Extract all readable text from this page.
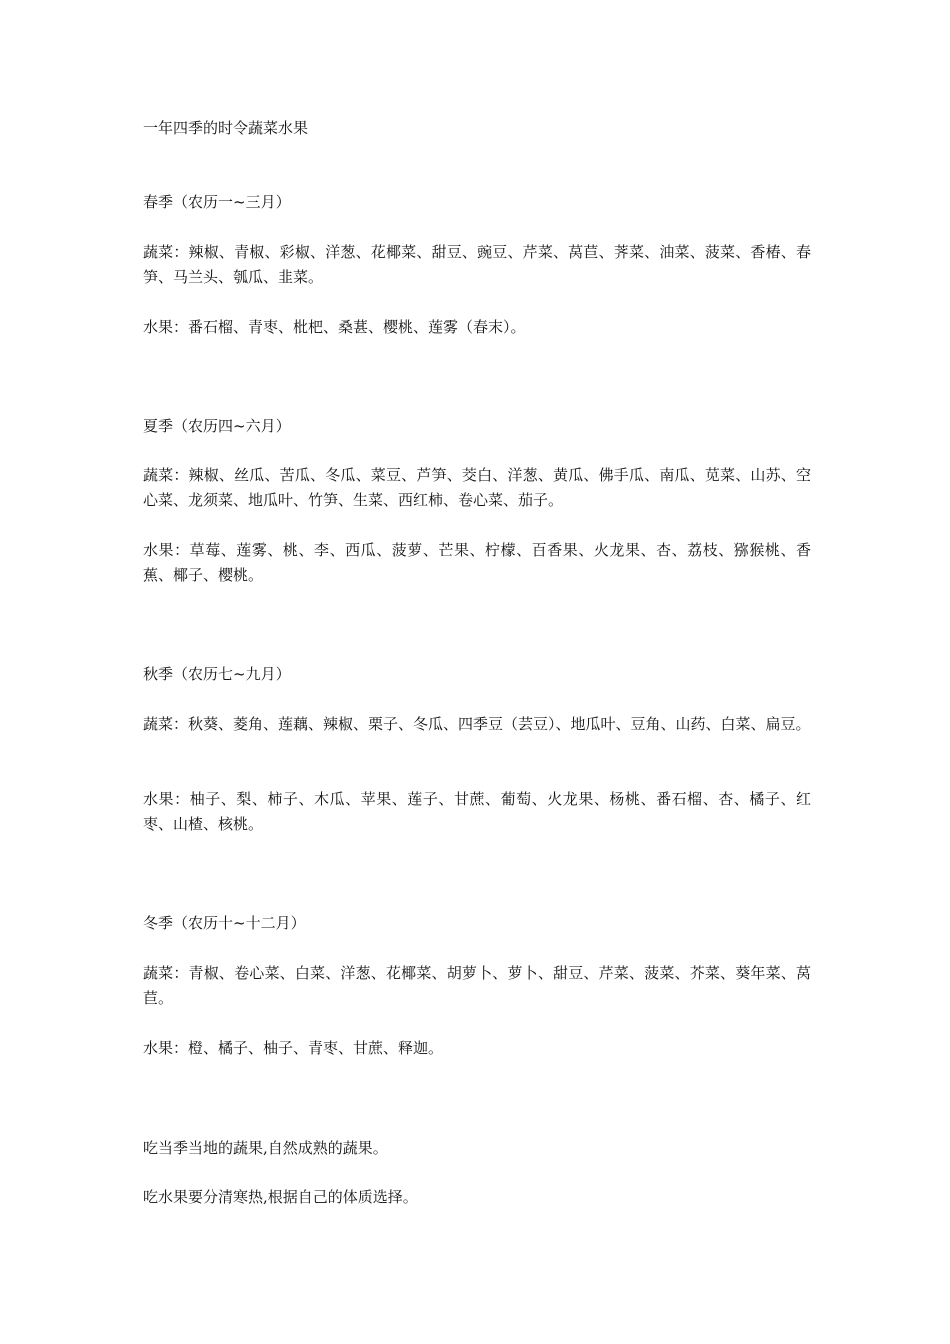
一年四季的时令蔬菜水果

春季（农历一~三月）

蔬菜：辣椒、青椒、彩椒、洋葱、花椰菜、甜豆、豌豆、芹菜、莴苣、荠菜、油菜、菠菜、香椿、春笋、马兰头、瓠瓜、韭菜。

水果：番石榴、青枣、枇杷、桑葚、樱桃、莲雾（春末）。

夏季（农历四~六月）

蔬菜：辣椒、丝瓜、苦瓜、冬瓜、菜豆、芦笋、茭白、洋葱、黄瓜、佛手瓜、南瓜、苋菜、山苏、空心菜、龙须菜、地瓜叶、竹笋、生菜、西红柿、卷心菜、茄子。

水果：草莓、莲雾、桃、李、西瓜、菠萝、芒果、柠檬、百香果、火龙果、杏、荔枝、猕猴桃、香蕉、椰子、樱桃。

秋季（农历七~九月）

蔬菜：秋葵、菱角、莲藕、辣椒、栗子、冬瓜、四季豆（芸豆）、地瓜叶、豆角、山药、白菜、扁豆。

水果：柚子、梨、柿子、木瓜、苹果、莲子、甘蔗、葡萄、火龙果、杨桃、番石榴、杏、橘子、红枣、山楂、核桃。

冬季（农历十~十二月）

蔬菜：青椒、卷心菜、白菜、洋葱、花椰菜、胡萝卜、萝卜、甜豆、芹菜、菠菜、芥菜、葵年菜、莴苣。

水果：橙、橘子、柚子、青枣、甘蔗、释迦。

吃当季当地的蔬果,自然成熟的蔬果。

吃水果要分清寒热,根据自己的体质选择。
